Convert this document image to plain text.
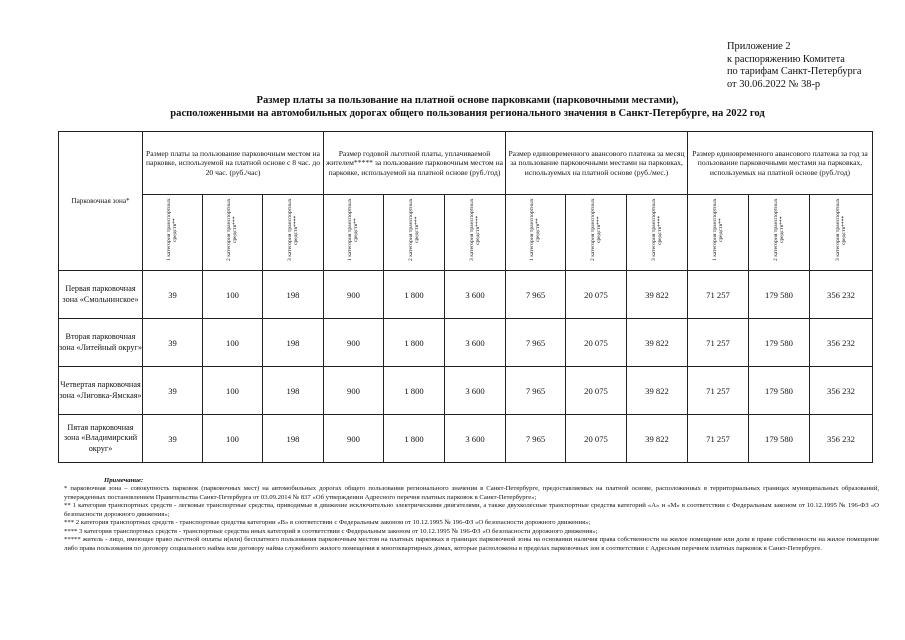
Приложение 2
к распоряжению Комитета
по тарифам Санкт-Петербурга
от 30.06.2022 № 38-р
Размер платы за пользование на платной основе парковками (парковочными местами),
расположенными на автомобильных дорогах общего пользования регионального значения в Санкт-Петербурге, на 2022 год
Парковочная зона*	Размер платы за пользование парковочным местом на парковке, используемой на платной основе с 8 час. до 20 час. (руб./час)			Размер годовой льготной платы, уплачиваемой жителем***** за пользование парковочным местом на парковке, используемой на платной основе (руб./год)			Размер единовременного авансового платежа за месяц за пользование парковочными местами на парковках, используемых на платной основе (руб./мес.)			Размер единовременного авансового платежа за год за пользование парковочными местами на парковках, используемых на платной основе (руб./год)		
	1 категория транспортных средств**	2 категория транспортных средств***	3 категория транспортных средств****	1 категория транспортных средств**	2 категория транспортных средств***	3 категория транспортных средств****	1 категория транспортных средств**	2 категория транспортных средств***	3 категория транспортных средств****	1 категория транспортных средств**	2 категория транспортных средств***	3 категория транспортных средств****
Первая парковочная зона «Смольнинское»	39	100	198	900	1 800	3 600	7 965	20 075	39 822	71 257	179 580	356 232
Вторая парковочная зона «Литейный округ»	39	100	198	900	1 800	3 600	7 965	20 075	39 822	71 257	179 580	356 232
Четвертая парковочная зона «Лиговка-Ямская»	39	100	198	900	1 800	3 600	7 965	20 075	39 822	71 257	179 580	356 232
Пятая парковочная зона «Владимирский округ»	39	100	198	900	1 800	3 600	7 965	20 075	39 822	71 257	179 580	356 232
Примечание:
* парковочная зона – совокупность парковок (парковочных мест) на автомобильных дорогах общего пользования регионального значения в Санкт-Петербурге, предоставляемых на платной основе, расположенных в территориальных границах муниципальных образований, утвержденных постановлением Правительства Санкт-Петербурга от 03.09.2014 № 837 «Об утверждении Адресного перечня платных парковок в Санкт-Петербурге»;
** 1 категория транспортных средств - легковые транспортные средства, приводимые в движение исключительно электрическими двигателями, а также двухколесные транспортные средства категорий «A» и «M» в соответствии с Федеральным законом от 10.12.1995 № 196-ФЗ «О безопасности дорожного движения»;
*** 2 категория транспортных средств - транспортные средства категории «B» в соответствии с Федеральным законом от 10.12.1995 № 196-ФЗ «О безопасности дорожного движения»;
**** 3 категория транспортных средств - транспортные средства иных категорий в соответствии с Федеральным законом от 10.12.1995 № 196-ФЗ «О безопасности дорожного движения»;
***** житель - лицо, имеющее право льготной оплаты и(или) бесплатного пользования парковочным местом на платных парковках в границах парковочной зоны на основании наличия права собственности на жилое помещение или доли в праве собственности на жилое помещение либо права пользования по договору социального найма или договору найма служебного жилого помещения в многоквартирных домах, которые расположены в пределах парковочных зон в соответствии с Адресным перечнем платных парковок в Санкт-Петербурге.
